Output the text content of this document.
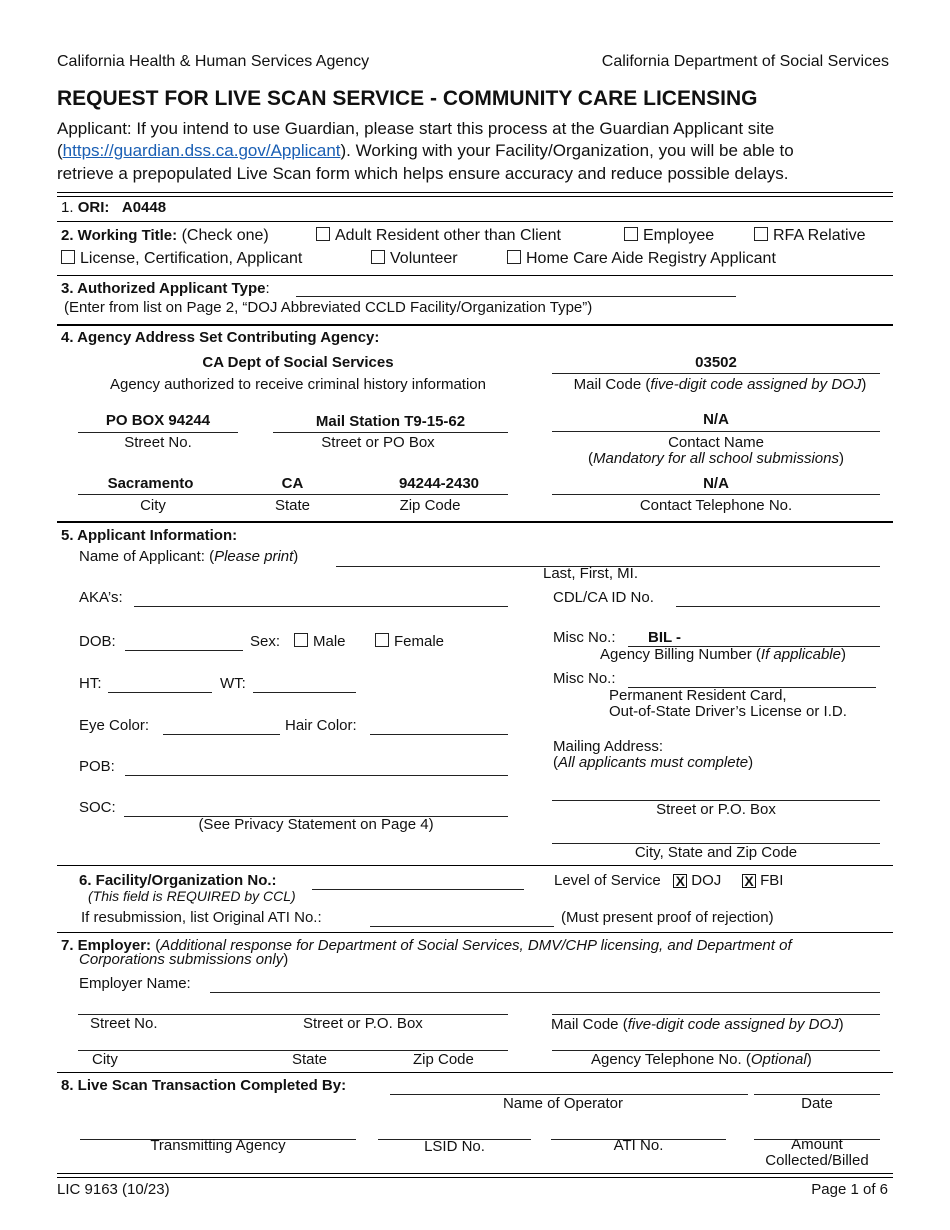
California Health & Human Services Agency	California Department of Social Services
REQUEST FOR LIVE SCAN SERVICE - COMMUNITY CARE LICENSING
Applicant: If you intend to use Guardian, please start this process at the Guardian Applicant site
(https://guardian.dss.ca.gov/Applicant). Working with your Facility/Organization, you will be able to
retrieve a prepopulated Live Scan form which helps ensure accuracy and reduce possible delays.
1. ORI: A0448
2. Working Title: (Check one)	Adult Resident other than Client	Employee	RFA Relative
License, Certification, Applicant	Volunteer	Home Care Aide Registry Applicant
3. Authorized Applicant Type:
(Enter from list on Page 2, “DOJ Abbreviated CCLD Facility/Organization Type”)
4. Agency Address Set Contributing Agency:
CA Dept of Social Services
Agency authorized to receive criminal history information
03502
Mail Code (five-digit code assigned by DOJ)
PO BOX 94244
Street No.
Mail Station T9-15-62
Street or PO Box
N/A
Contact Name
(Mandatory for all school submissions)
Sacramento	CA	94244-2430
City	State	Zip Code
N/A
Contact Telephone No.
5. Applicant Information:
Name of Applicant: (Please print)
Last, First, MI.
AKA’s:	CDL/CA ID No.
DOB:	Sex:	Male	Female	Misc No.: BIL -
Agency Billing Number (If applicable)
HT:	WT:	Misc No.:
Permanent Resident Card,
Out-of-State Driver’s License or I.D.
Eye Color:	Hair Color:
Mailing Address:
(All applicants must complete)
POB:
Street or P.O. Box
SOC:
(See Privacy Statement on Page 4)
City, State and Zip Code
6. Facility/Organization No.:
(This field is REQUIRED by CCL)
Level of Service X DOJ X FBI
If resubmission, list Original ATI No.:	(Must present proof of rejection)
7. Employer: (Additional response for Department of Social Services, DMV/CHP licensing, and Department of
Corporations submissions only)
Employer Name:
Street No.	Street or P.O. Box	Mail Code (five-digit code assigned by DOJ)
City	State	Zip Code	Agency Telephone No. (Optional)
8. Live Scan Transaction Completed By:
Name of Operator	Date
Transmitting Agency	LSID No.	ATI No.	Amount
Collected/Billed
LIC 9163 (10/23)	Page 1 of 6
